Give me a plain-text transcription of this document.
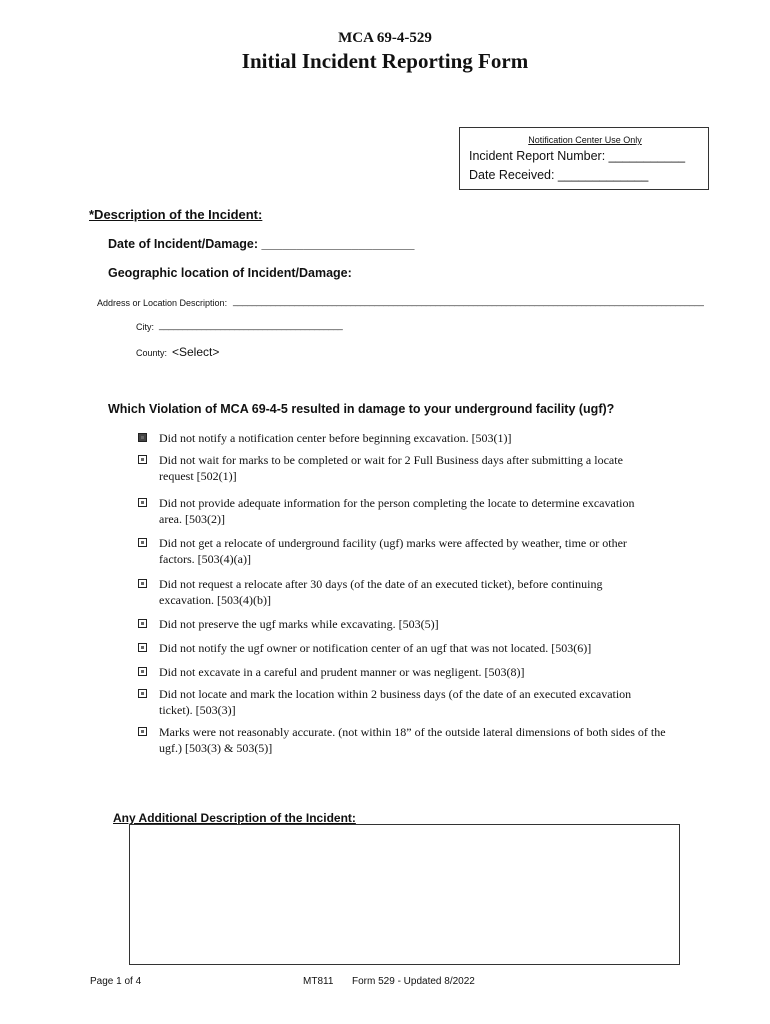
MCA 69-4-529
Initial Incident Reporting Form
Notification Center Use Only
Incident Report Number: ___________
Date Received: _____________
*Description of the Incident:
Date of Incident/Damage: ______________________
Geographic location of Incident/Damage:
Address or Location Description: ____________________________________________________________________________________________________
City: _______________________________________
County: <Select>
Which Violation of MCA 69-4-5 resulted in damage to your underground facility (ugf)?
Did not notify a notification center before beginning excavation. [503(1)]
Did not wait for marks to be completed or wait for 2 Full Business days after submitting a locate request [502(1)]
Did not provide adequate information for the person completing the locate to determine excavation area. [503(2)]
Did not get a relocate of underground facility (ugf) marks were affected by weather, time or other factors. [503(4)(a)]
Did not request a relocate after 30 days (of the date of an executed ticket), before continuing excavation. [503(4)(b)]
Did not preserve the ugf marks while excavating. [503(5)]
Did not notify the ugf owner or notification center of an ugf that was not located. [503(6)]
Did not excavate in a careful and prudent manner or was negligent. [503(8)]
Did not locate and mark the location within 2 business days (of the date of an executed excavation ticket). [503(3)]
Marks were not reasonably accurate. (not within 18” of the outside lateral dimensions of both sides of the ugf.) [503(3) & 503(5)]
Any Additional Description of the Incident:
Page 1 of 4	MT811 Form 529 - Updated 8/2022
